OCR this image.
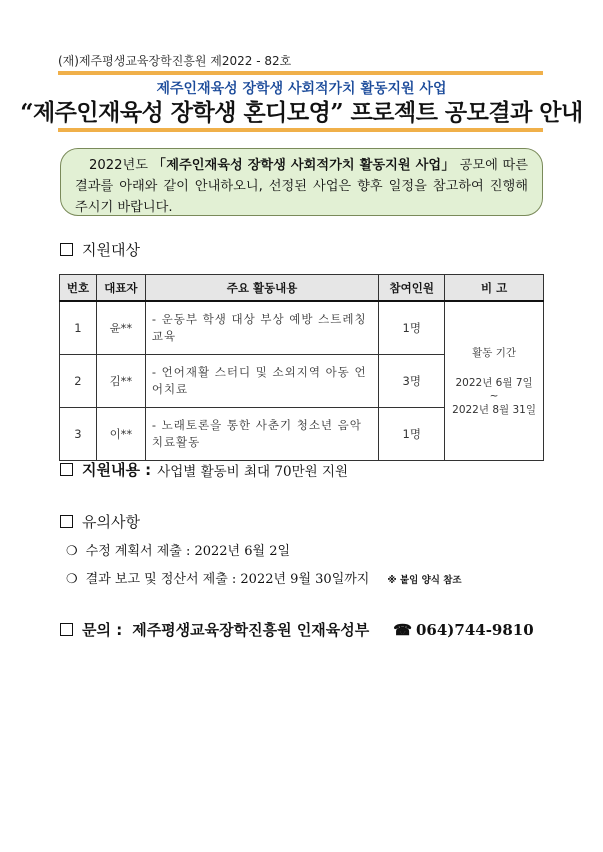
(재)제주평생교육장학진흥원 제2022 - 82호
제주인재육성 장학생 사회적가치 활동지원 사업
“제주인재육성 장학생 혼디모영” 프로젝트 공모결과 안내
2022년도 「제주인재육성 장학생 사회적가치 활동지원 사업」 공모에 따른 결과를 아래와 같이 안내하오니, 선정된 사업은 향후 일정을 참고하여 진행해 주시기 바랍니다.
지원대상
번호	대표자	주요 활동내용	참여인원	비 고
1	윤**	- 운동부 학생 대상 부상 예방 스트레칭 교육	1명	활동 기간
2022년 6월 7일
~
2022년 8월 31일

2	김**	- 언어재활 스터디 및 소외지역 아동 언어치료	3명	
3	이**	- 노래토론을 통한 사춘기 청소년 음악 치료활동	1명	
지원내용 : 사업별 활동비 최대 70만원 지원
유의사항
❍ 수정 계획서 제출 : 2022년 6월 2일
❍ 결과 보고 및 정산서 제출 : 2022년 9월 30일까지 ※ 붙임 양식 참조
문의 : 제주평생교육장학진흥원 인재육성부 ☎ 064)744-9810
